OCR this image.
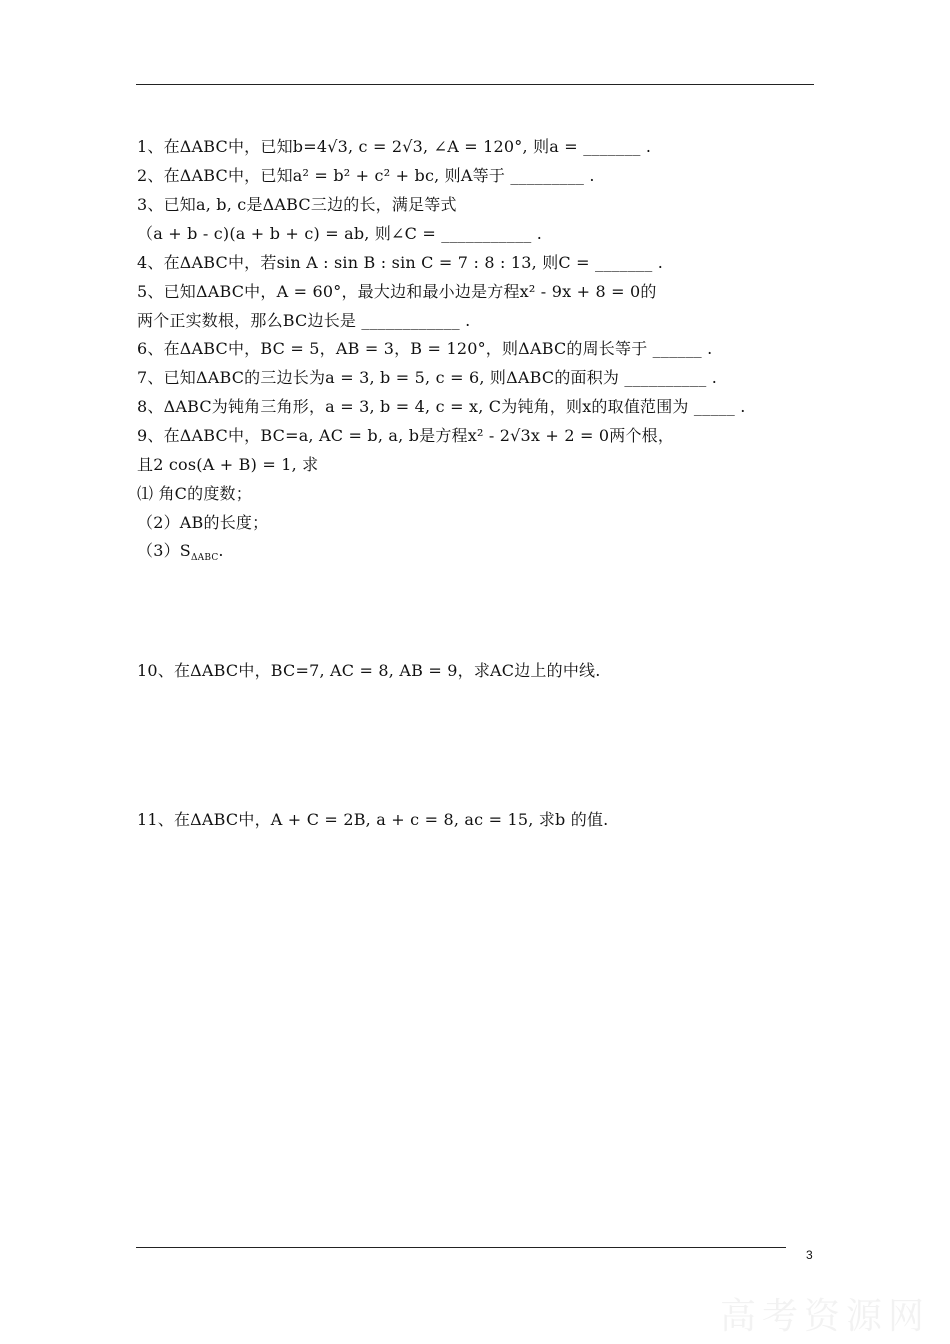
1、在ΔABC中，已知b=4√3, c = 2√3, ∠A = 120°, 则a = _______ .
2、在ΔABC中，已知a² = b² + c² + bc, 则A等于 _________ .
3、已知a, b, c是ΔABC三边的长，满足等式
（a + b - c)(a + b + c) = ab, 则∠C = ___________ .
4、在ΔABC中，若sin A : sin B : sin C = 7 : 8 : 13, 则C = _______ .
5、已知ΔABC中，A = 60°，最大边和最小边是方程x² - 9x + 8 = 0的
两个正实数根，那么BC边长是 ____________ .
6、在ΔABC中，BC = 5，AB = 3，B = 120°，则ΔABC的周长等于 ______ .
7、已知ΔABC的三边长为a = 3, b = 5, c = 6, 则ΔABC的面积为 __________ .
8、ΔABC为钝角三角形，a = 3, b = 4, c = x, C为钝角，则x的取值范围为 _____ .
9、在ΔABC中，BC=a, AC = b, a, b是方程x² - 2√3x + 2 = 0两个根，
且2 cos(A + B) = 1, 求
⑴ 角C的度数；
（2）AB的长度；
$(3)S_{\Delta ABC}$.
10、在ΔABC中，BC=7, AC = 8, AB = 9，求AC边上的中线.
11、在ΔABC中，A + C = 2B, a + c = 8, ac = 15, 求b 的值.
3
高考资源网
